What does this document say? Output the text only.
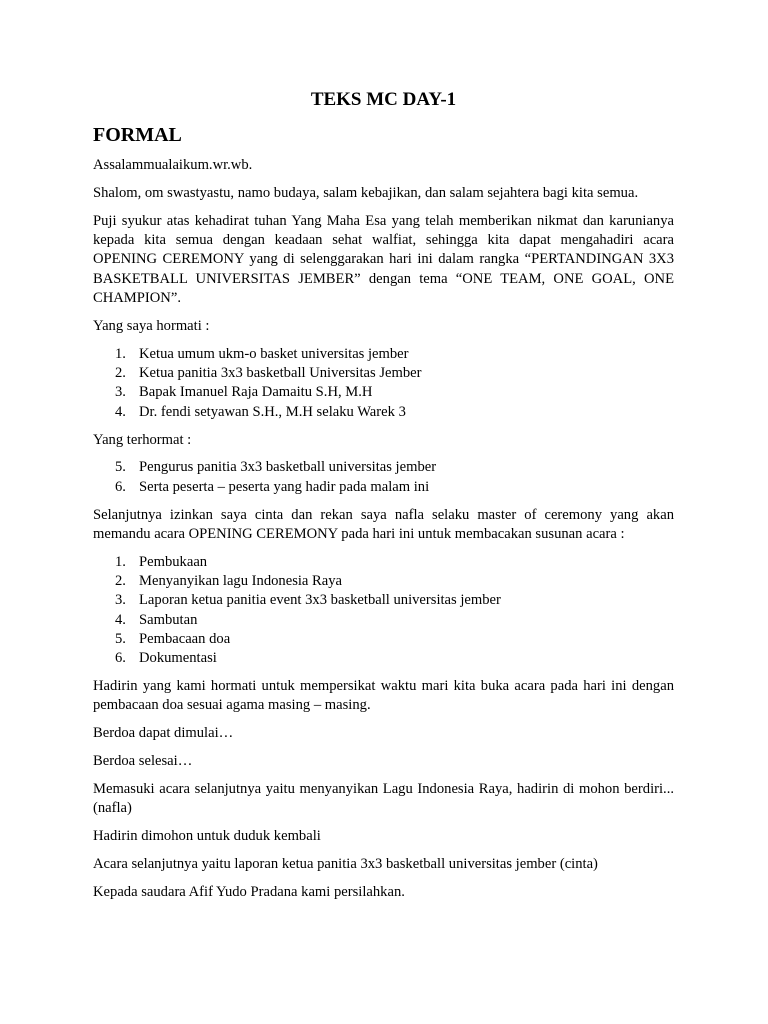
TEKS MC DAY-1
FORMAL

Assalammualaikum.wr.wb.

Shalom, om swastyastu, namo budaya, salam kebajikan, dan salam sejahtera bagi kita semua.

Puji syukur atas kehadirat tuhan Yang Maha Esa yang telah memberikan nikmat dan karunianya kepada kita semua dengan keadaan sehat walfiat, sehingga kita dapat mengahadiri acara OPENING CEREMONY yang di selenggarakan hari ini dalam rangka “PERTANDINGAN 3X3 BASKETBALL UNIVERSITAS JEMBER” dengan tema “ONE TEAM, ONE GOAL, ONE CHAMPION”.

Yang saya hormati :

1. Ketua umum ukm-o basket universitas jember
2. Ketua panitia 3x3 basketball Universitas Jember
3. Bapak Imanuel Raja Damaitu S.H, M.H
4. Dr. fendi setyawan S.H., M.H selaku Warek 3

Yang terhormat :

5. Pengurus panitia 3x3 basketball universitas jember
6. Serta peserta – peserta yang hadir pada malam ini

Selanjutnya izinkan saya cinta dan rekan saya nafla selaku master of ceremony yang akan memandu acara OPENING CEREMONY pada hari ini untuk membacakan susunan acara :

1. Pembukaan
2. Menyanyikan lagu Indonesia Raya
3. Laporan ketua panitia event 3x3 basketball universitas jember
4. Sambutan
5. Pembacaan doa
6. Dokumentasi

Hadirin yang kami hormati untuk mempersikat waktu mari kita buka acara pada hari ini dengan pembacaan doa sesuai agama masing – masing.

Berdoa dapat dimulai…

Berdoa selesai…

Memasuki acara selanjutnya yaitu menyanyikan Lagu Indonesia Raya, hadirin di mohon berdiri... (nafla)

Hadirin dimohon untuk duduk kembali

Acara selanjutnya yaitu laporan ketua panitia 3x3 basketball universitas jember (cinta)

Kepada saudara Afif Yudo Pradana kami persilahkan.
